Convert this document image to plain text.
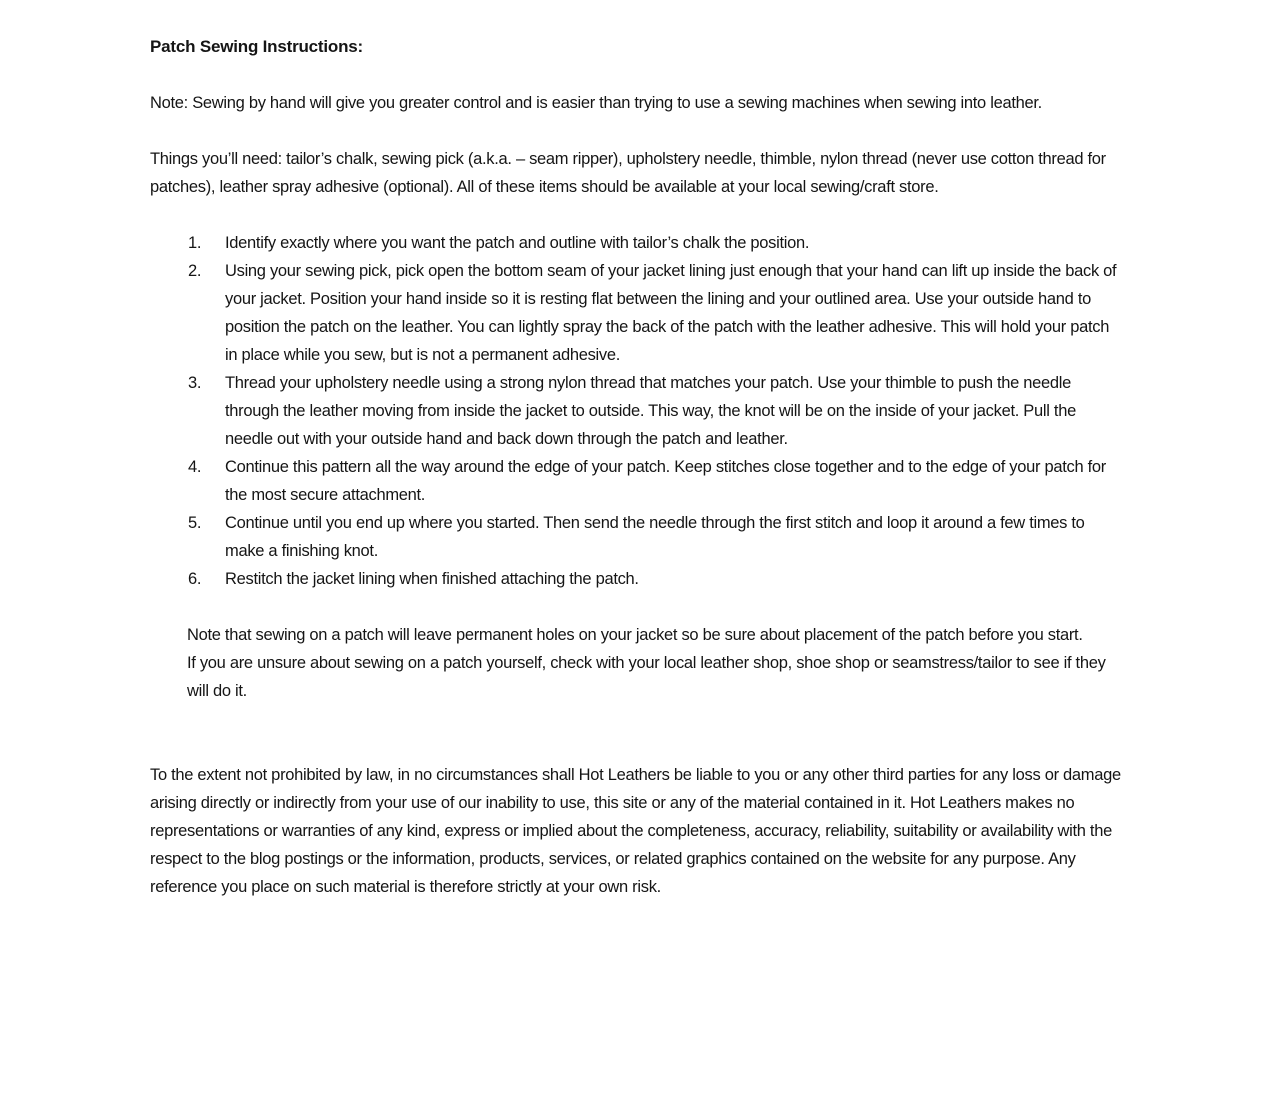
Patch Sewing Instructions:

Note: Sewing by hand will give you greater control and is easier than trying to use a sewing machines when sewing into leather.

Things you’ll need: tailor’s chalk, sewing pick (a.k.a. – seam ripper), upholstery needle, thimble, nylon thread (never use cotton thread for patches), leather spray adhesive (optional). All of these items should be available at your local sewing/craft store.

1.	Identify exactly where you want the patch and outline with tailor’s chalk the position.
2.	Using your sewing pick, pick open the bottom seam of your jacket lining just enough that your hand can lift up inside the back of your jacket. Position your hand inside so it is resting flat between the lining and your outlined area. Use your outside hand to position the patch on the leather. You can lightly spray the back of the patch with the leather adhesive. This will hold your patch in place while you sew, but is not a permanent adhesive.
3.	Thread your upholstery needle using a strong nylon thread that matches your patch. Use your thimble to push the needle through the leather moving from inside the jacket to outside. This way, the knot will be on the inside of your jacket. Pull the needle out with your outside hand and back down through the patch and leather.
4.	Continue this pattern all the way around the edge of your patch. Keep stitches close together and to the edge of your patch for the most secure attachment.
5.	Continue until you end up where you started. Then send the needle through the first stitch and loop it around a few times to make a finishing knot.
6.	Restitch the jacket lining when finished attaching the patch.

Note that sewing on a patch will leave permanent holes on your jacket so be sure about placement of the patch before you start.

If you are unsure about sewing on a patch yourself, check with your local leather shop, shoe shop or seamstress/tailor to see if they will do it.

To the extent not prohibited by law, in no circumstances shall Hot Leathers be liable to you or any other third parties for any loss or damage arising directly or indirectly from your use of our inability to use, this site or any of the material contained in it. Hot Leathers makes no representations or warranties of any kind, express or implied about the completeness, accuracy, reliability, suitability or availability with the respect to the blog postings or the information, products, services, or related graphics contained on the website for any purpose. Any reference you place on such material is therefore strictly at your own risk.
